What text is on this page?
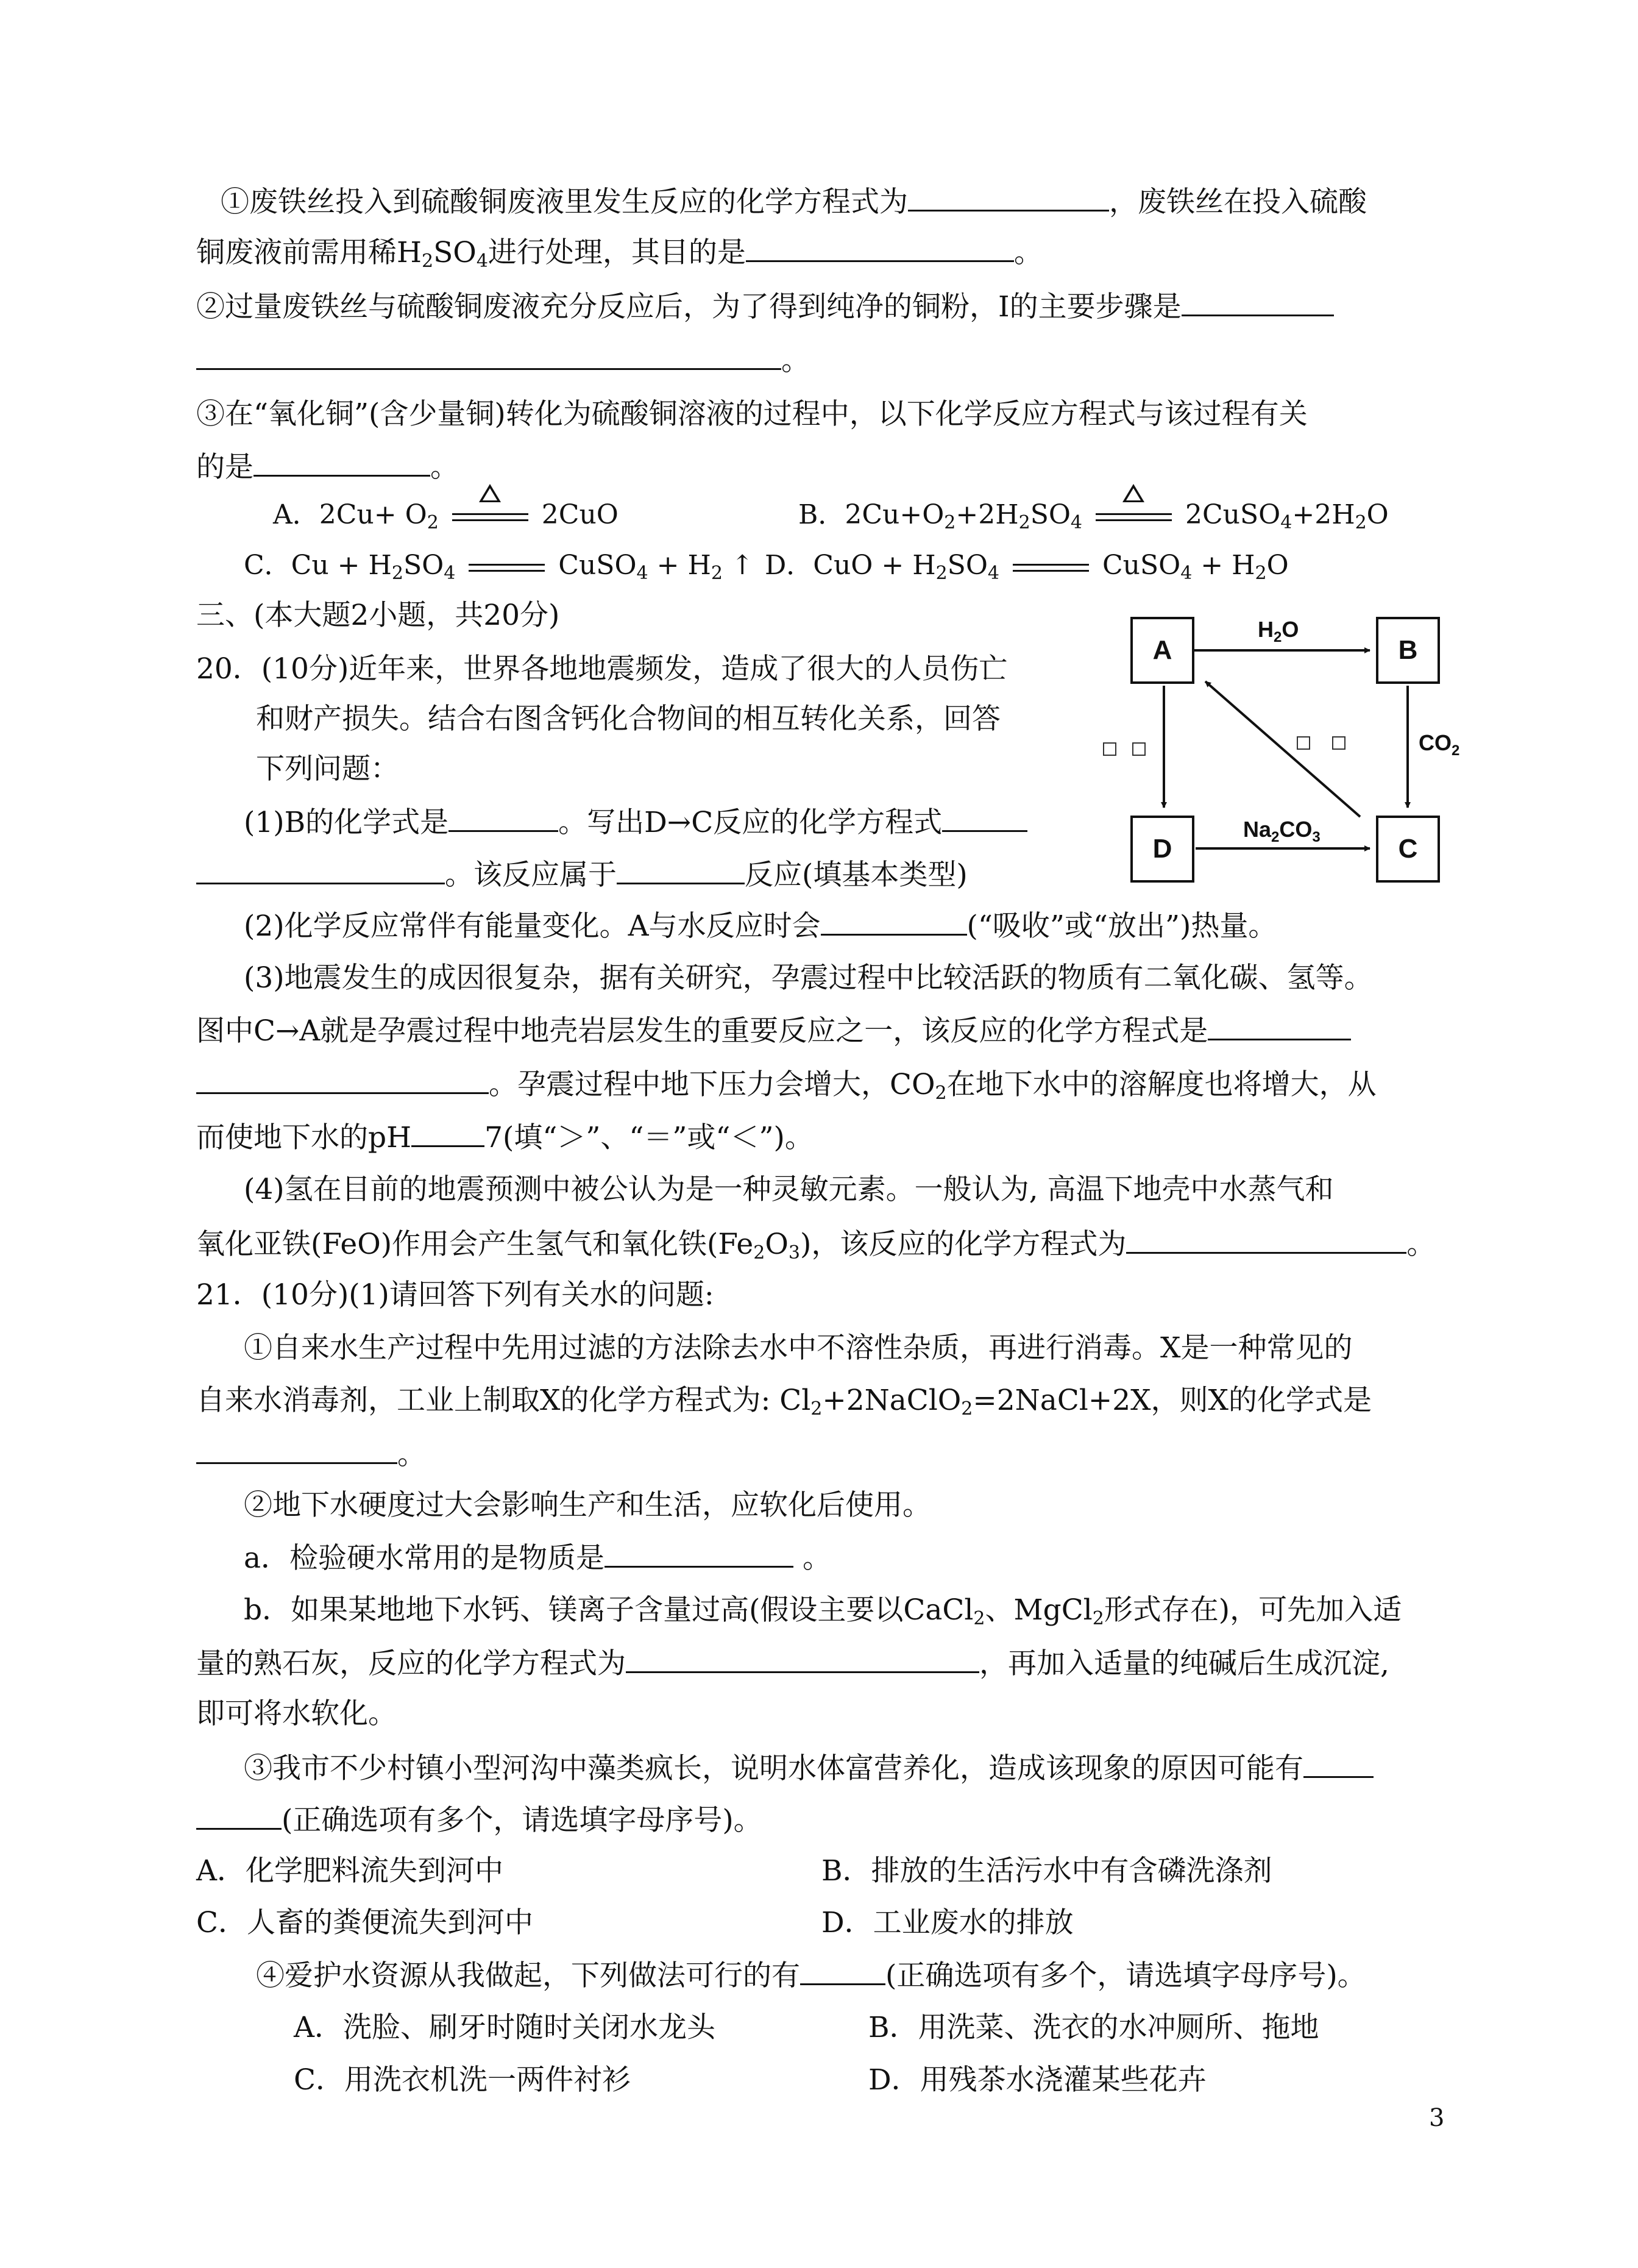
①废铁丝投入到硫酸铜废液里发生反应的化学方程式为	，废铁丝在投入硫酸
铜废液前需用稀$H_2SO_4$进行处理，其目的是	。
②过量废铁丝与硫酸铜废液充分反应后，为了得到纯净的铜粉，Ⅰ的主要步骤是
。
③在“氧化铜”(含少量铜)转化为硫酸铜溶液的过程中，以下化学反应方程式与该过程有关
的是	。
A．$2Cu+ O_2$	2CuO	B．$2Cu+O_2+2H_2SO_4$	$2CuSO_4+2H_2O$
C．$Cu + H_2SO_4$	CuSO$_4$ + $H_2$ ↑ D．CuO + $H_2SO_4$	CuSO$_4$ + $H_2O$
三、(本大题2小题，共20分)
20．(10分)近年来，世界各地地震频发，造成了很大的人员伤亡
和财产损失。结合右图含钙化合物间的相互转化关系，回答
下列问题：
(1)B的化学式是	。写出D→C反应的化学方程式
。该反应属于	反应(填基本类型)
(2)化学反应常伴有能量变化。A与水反应时会	(“吸收”或“放出”)热量。
(3)地震发生的成因很复杂，据有关研究，孕震过程中比较活跃的物质有二氧化碳、氢等。
图中C→A就是孕震过程中地壳岩层发生的重要反应之一，该反应的化学方程式是
。孕震过程中地下压力会增大，$CO_2$在地下水中的溶解度也将增大，从
而使地下水的pH	7(填“＞”、“＝”或“＜”)。
(4)氢在目前的地震预测中被公认为是一种灵敏元素。一般认为, 高温下地壳中水蒸气和
氧化亚铁(FeO)作用会产生氢气和氧化铁$(Fe_2O_3)$，该反应的化学方程式为	。
A	B
D	C
$H_2O$
$CO_2$
$Na_2CO_3$
21．(10分)(1)请回答下列有关水的问题:
①自来水生产过程中先用过滤的方法除去水中不溶性杂质，再进行消毒。X是一种常见的
自来水消毒剂，工业上制取X的化学方程式为: $Cl_2+2NaClO_2=2NaCl+2X$，则X的化学式是
。
②地下水硬度过大会影响生产和生活，应软化后使用。
a．检验硬水常用的是物质是	。
b．如果某地地下水钙、镁离子含量过高(假设主要以CaCl$_2$、MgCl$_2$形式存在)，可先加入适
量的熟石灰，反应的化学方程式为	，再加入适量的纯碱后生成沉淀,
即可将水软化。
③我市不少村镇小型河沟中藻类疯长，说明水体富营养化，造成该现象的原因可能有
(正确选项有多个，请选填字母序号)。
A．化学肥料流失到河中	B．排放的生活污水中有含磷洗涤剂
C．人畜的粪便流失到河中	D．工业废水的排放
④爱护水资源从我做起，下列做法可行的有	(正确选项有多个，请选填字母序号)。
A．洗脸、刷牙时随时关闭水龙头	B．用洗菜、洗衣的水冲厕所、拖地
C．用洗衣机洗一两件衬衫	D．用残茶水浇灌某些花卉
3
